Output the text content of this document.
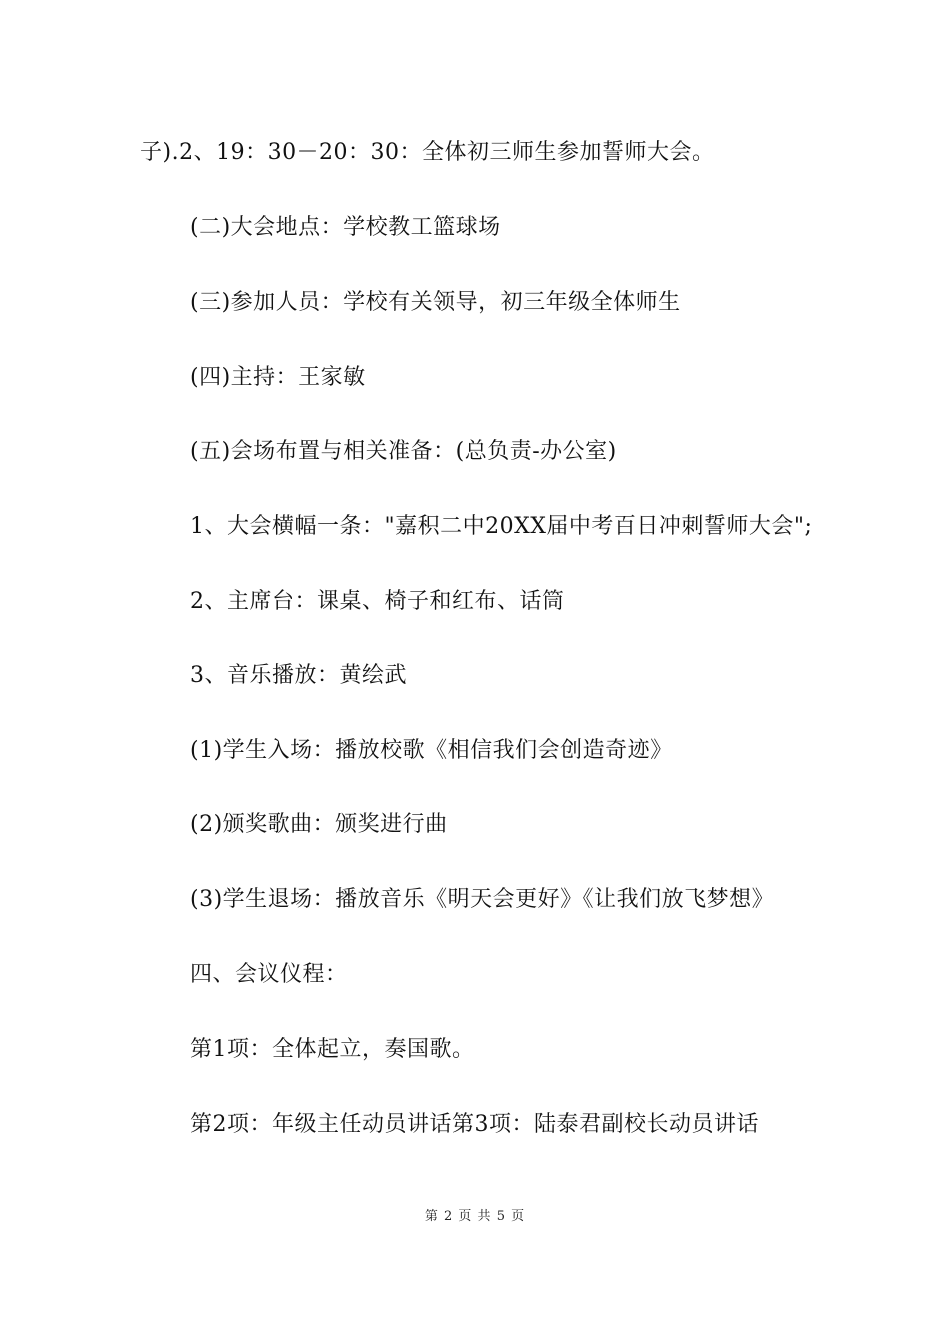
子).2、19：30－20：30：全体初三师生参加誓师大会。
(二)大会地点：学校教工篮球场
(三)参加人员：学校有关领导，初三年级全体师生
(四)主持：王家敏
(五)会场布置与相关准备：(总负责-办公室)
1、大会横幅一条："嘉积二中20XX届中考百日冲刺誓师大会";
2、主席台：课桌、椅子和红布、话筒
3、音乐播放：黄绘武
(1)学生入场：播放校歌《相信我们会创造奇迹》
(2)颁奖歌曲：颁奖进行曲
(3)学生退场：播放音乐《明天会更好》《让我们放飞梦想》
四、会议仪程：
第1项：全体起立，奏国歌。
第2项：年级主任动员讲话第3项：陆泰君副校长动员讲话
第 2 页 共 5 页
